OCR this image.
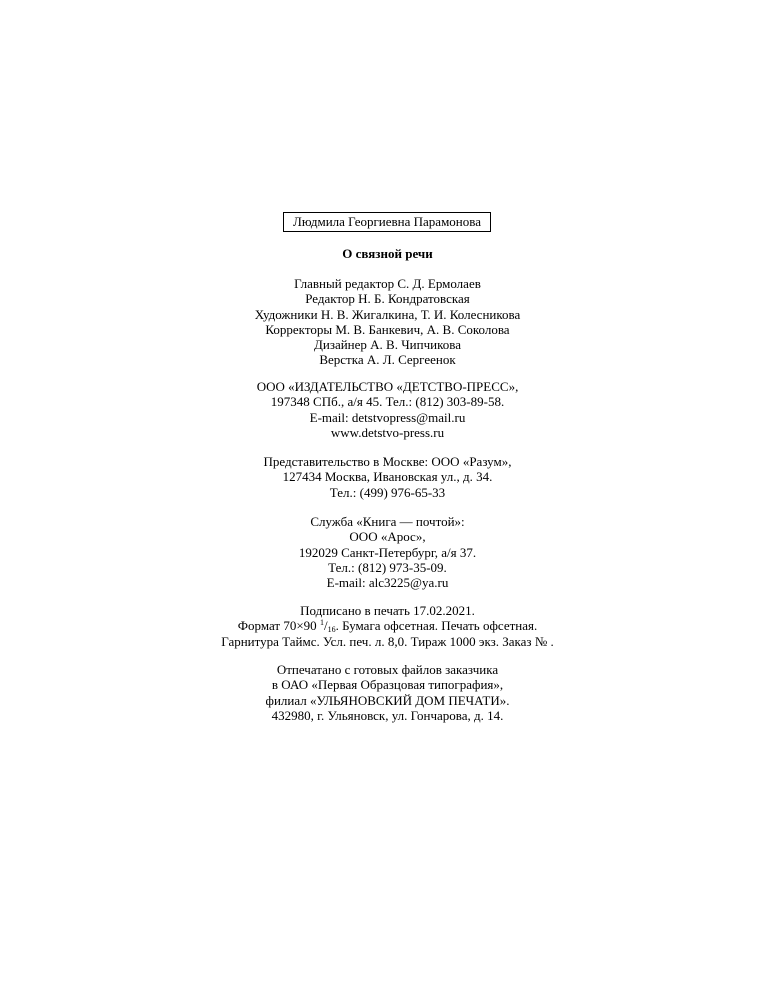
Людмила Георгиевна Парамонова
О связной речи
Главный редактор С. Д. Ермолаев
Редактор Н. Б. Кондратовская
Художники Н. В. Жигалкина, Т. И. Колесникова
Корректоры М. В. Банкевич, А. В. Соколова
Дизайнер А. В. Чипчикова
Верстка А. Л. Сергеенок
ООО «ИЗДАТЕЛЬСТВО «ДЕТСТВО-ПРЕСС»,
197348 СПб., а/я 45. Тел.: (812) 303-89-58.
E-mail: detstvopress@mail.ru
www.detstvo-press.ru
Представительство в Москве: ООО «Разум»,
127434 Москва, Ивановская ул., д. 34.
Тел.: (499) 976-65-33
Служба «Книга — почтой»:
ООО «Арос»,
192029 Санкт-Петербург, а/я 37.
Тел.: (812) 973-35-09.
E-mail: alc3225@ya.ru
Подписано в печать 17.02.2021.
Формат 70×90 $^1/_{16}$. Бумага офсетная. Печать офсетная.
Гарнитура Таймс. Усл. печ. л. 8,0. Тираж 1000 экз. Заказ № .
Отпечатано с готовых файлов заказчика
в ОАО «Первая Образцовая типография»,
филиал «УЛЬЯНОВСКИЙ ДОМ ПЕЧАТИ».
432980, г. Ульяновск, ул. Гончарова, д. 14.
